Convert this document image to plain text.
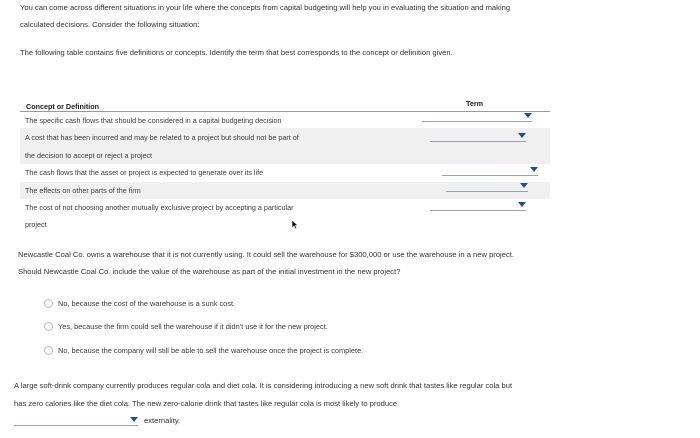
You can come across different situations in your life where the concepts from capital budgeting will help you in evaluating the situation and making
calculated decisions. Consider the following situation:
The following table contains five definitions or concepts. Identify the term that best corresponds to the concept or definition given.
Concept or Definition	Term
The specific cash flows that should be considered in a capital budgeting decision
A cost that has been incurred and may be related to a project but should not be part of
the decision to accept or reject a project
The cash flows that the asset or project is expected to generate over its life
The effects on other parts of the firm
The cost of not choosing another mutually exclusive project by accepting a particular
project
Newcastle Coal Co. owns a warehouse that it is not currently using. It could sell the warehouse for $300,000 or use the warehouse in a new project.
Should Newcastle Coal Co. include the value of the warehouse as part of the initial investment in the new project?
No, because the cost of the warehouse is a sunk cost.
Yes, because the firm could sell the warehouse if it didn't use it for the new project.
No, because the company will still be able to sell the warehouse once the project is complete.
A large soft-drink company currently produces regular cola and diet cola. It is considering introducing a new soft drink that tastes like regular cola but
has zero calories like the diet cola. The new zero-calorie drink that tastes like regular cola is most likely to produce
externality.
